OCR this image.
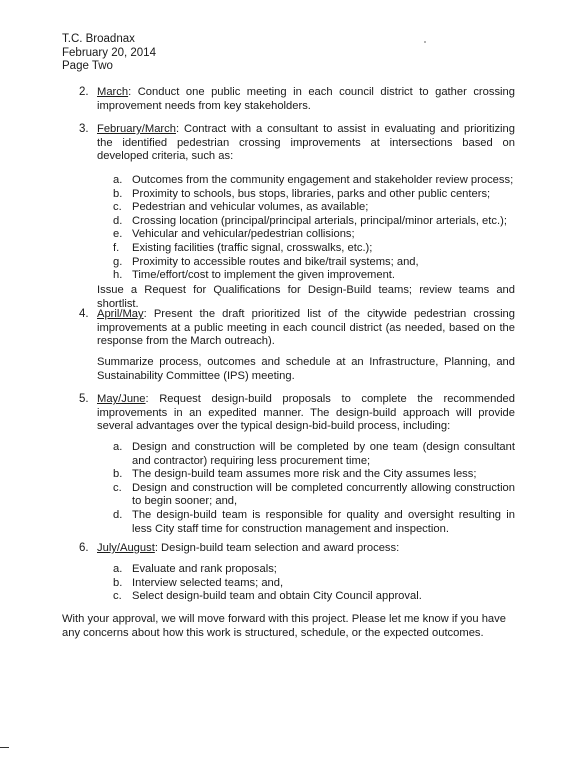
T.C. Broadnax
February 20, 2014
Page Two
2. March: Conduct one public meeting in each council district to gather crossing improvement needs from key stakeholders.
3. February/March: Contract with a consultant to assist in evaluating and prioritizing the identified pedestrian crossing improvements at intersections based on developed criteria, such as:
a. Outcomes from the community engagement and stakeholder review process;
b. Proximity to schools, bus stops, libraries, parks and other public centers;
c. Pedestrian and vehicular volumes, as available;
d. Crossing location (principal/principal arterials, principal/minor arterials, etc.);
e. Vehicular and vehicular/pedestrian collisions;
f. Existing facilities (traffic signal, crosswalks, etc.);
g. Proximity to accessible routes and bike/trail systems; and,
h. Time/effort/cost to implement the given improvement.
Issue a Request for Qualifications for Design-Build teams; review teams and shortlist.
4. April/May: Present the draft prioritized list of the citywide pedestrian crossing improvements at a public meeting in each council district (as needed, based on the response from the March outreach).
Summarize process, outcomes and schedule at an Infrastructure, Planning, and Sustainability Committee (IPS) meeting.
5. May/June: Request design-build proposals to complete the recommended improvements in an expedited manner. The design-build approach will provide several advantages over the typical design-bid-build process, including:
a. Design and construction will be completed by one team (design consultant and contractor) requiring less procurement time;
b. The design-build team assumes more risk and the City assumes less;
c. Design and construction will be completed concurrently allowing construction to begin sooner; and,
d. The design-build team is responsible for quality and oversight resulting in less City staff time for construction management and inspection.
6. July/August: Design-build team selection and award process:
a. Evaluate and rank proposals;
b. Interview selected teams; and,
c. Select design-build team and obtain City Council approval.
With your approval, we will move forward with this project. Please let me know if you have any concerns about how this work is structured, schedule, or the expected outcomes.
